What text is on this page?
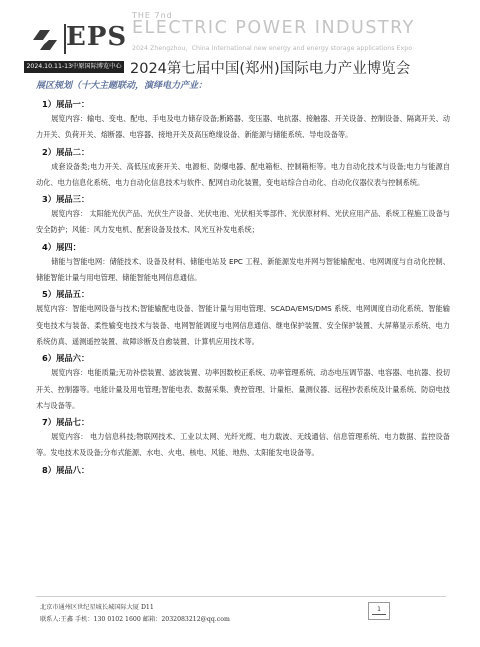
EPS
THE 7nd
ELECTRIC POWER INDUSTRY
2024 Zhengzhou，China International new energy and energy storage applications Expo
2024.10.11-13中原国际博览中心 2024第七届中国(郑州)国际电力产业博览会
展区规划（十大主题联动，演绎电力产业：
1）展品一：
展览内容：输电、变电、配电、手电及电力储存设备;断路器、变压器、电抗器、接触器、开关设备、控制设备、隔离开关、动力开关、负荷开关、熔断器、电容器、接地开关及高压绝缘设备、新能源与储能系统、导电设备等。
2）展品二：
成套设备类;电力开关、高低压成套开关、电源柜、防爆电器、配电箱柜、控制箱柜等。电力自动化技术与设备;电力与能源自动化、电力信息化系统、电力自动化信息技术与软件、配网自动化装置，变电站综合自动化、自动化仪器仪表与控制系统。
3）展品三：
展览内容： 太阳能光伏产品、光伏生产设备、光伏电池、光伏相关零部件、光伏原材料、光伏应用产品、系统工程施工设备与安全防护；风能：风力发电机、配套设备及技术、风光互补发电系统；
4）展四：
储能与智能电网：储能技术、设备及材料、储能电站及 EPC 工程、新能源发电并网与智能输配电、电网调度与自动化控制、储能智能计量与用电管理、储能智能电网信息通信。
5）展品五：
展览内容：智能电网设备与技术;智能输配电设备、智能计量与用电管理、SCADA/EMS/DMS 系统、电网调度自动化系统、智能输变电技术与装备、柔性输变电技术与装备、电网智能调度与电网信息通信、继电保护装置、安全保护装置、大屏幕显示系统、电力系统仿真、遥测遥控装置、故障诊断及自愈装置、计算机应用技术等。
6）展品六：
展览内容：电能质量;无功补偿装置、滤波装置、功率因数校正系统、功率管理系统、动态电压调节器、电容器、电抗器、投切开关、控制器等。电能计量及用电管理;智能电表、数据采集、费控管理、计量柜、量测仪器、远程抄表系统及计量系统、防窃电技术与设备等。
7）展品七：
展览内容： 电力信息科技;物联网技术、工业以太网、光纤光缆、电力载波、无线通信、信息管理系统、电力数据、监控设备等。发电技术及设备;分布式能源、水电、火电、核电、风能、地热、太阳能发电设备等。
8）展品八：
北京市通州区世纪星城长城国际大厦 D11
联系人:王鑫 手机：130 0102 1600 邮箱：2032083212@qq.com
1
